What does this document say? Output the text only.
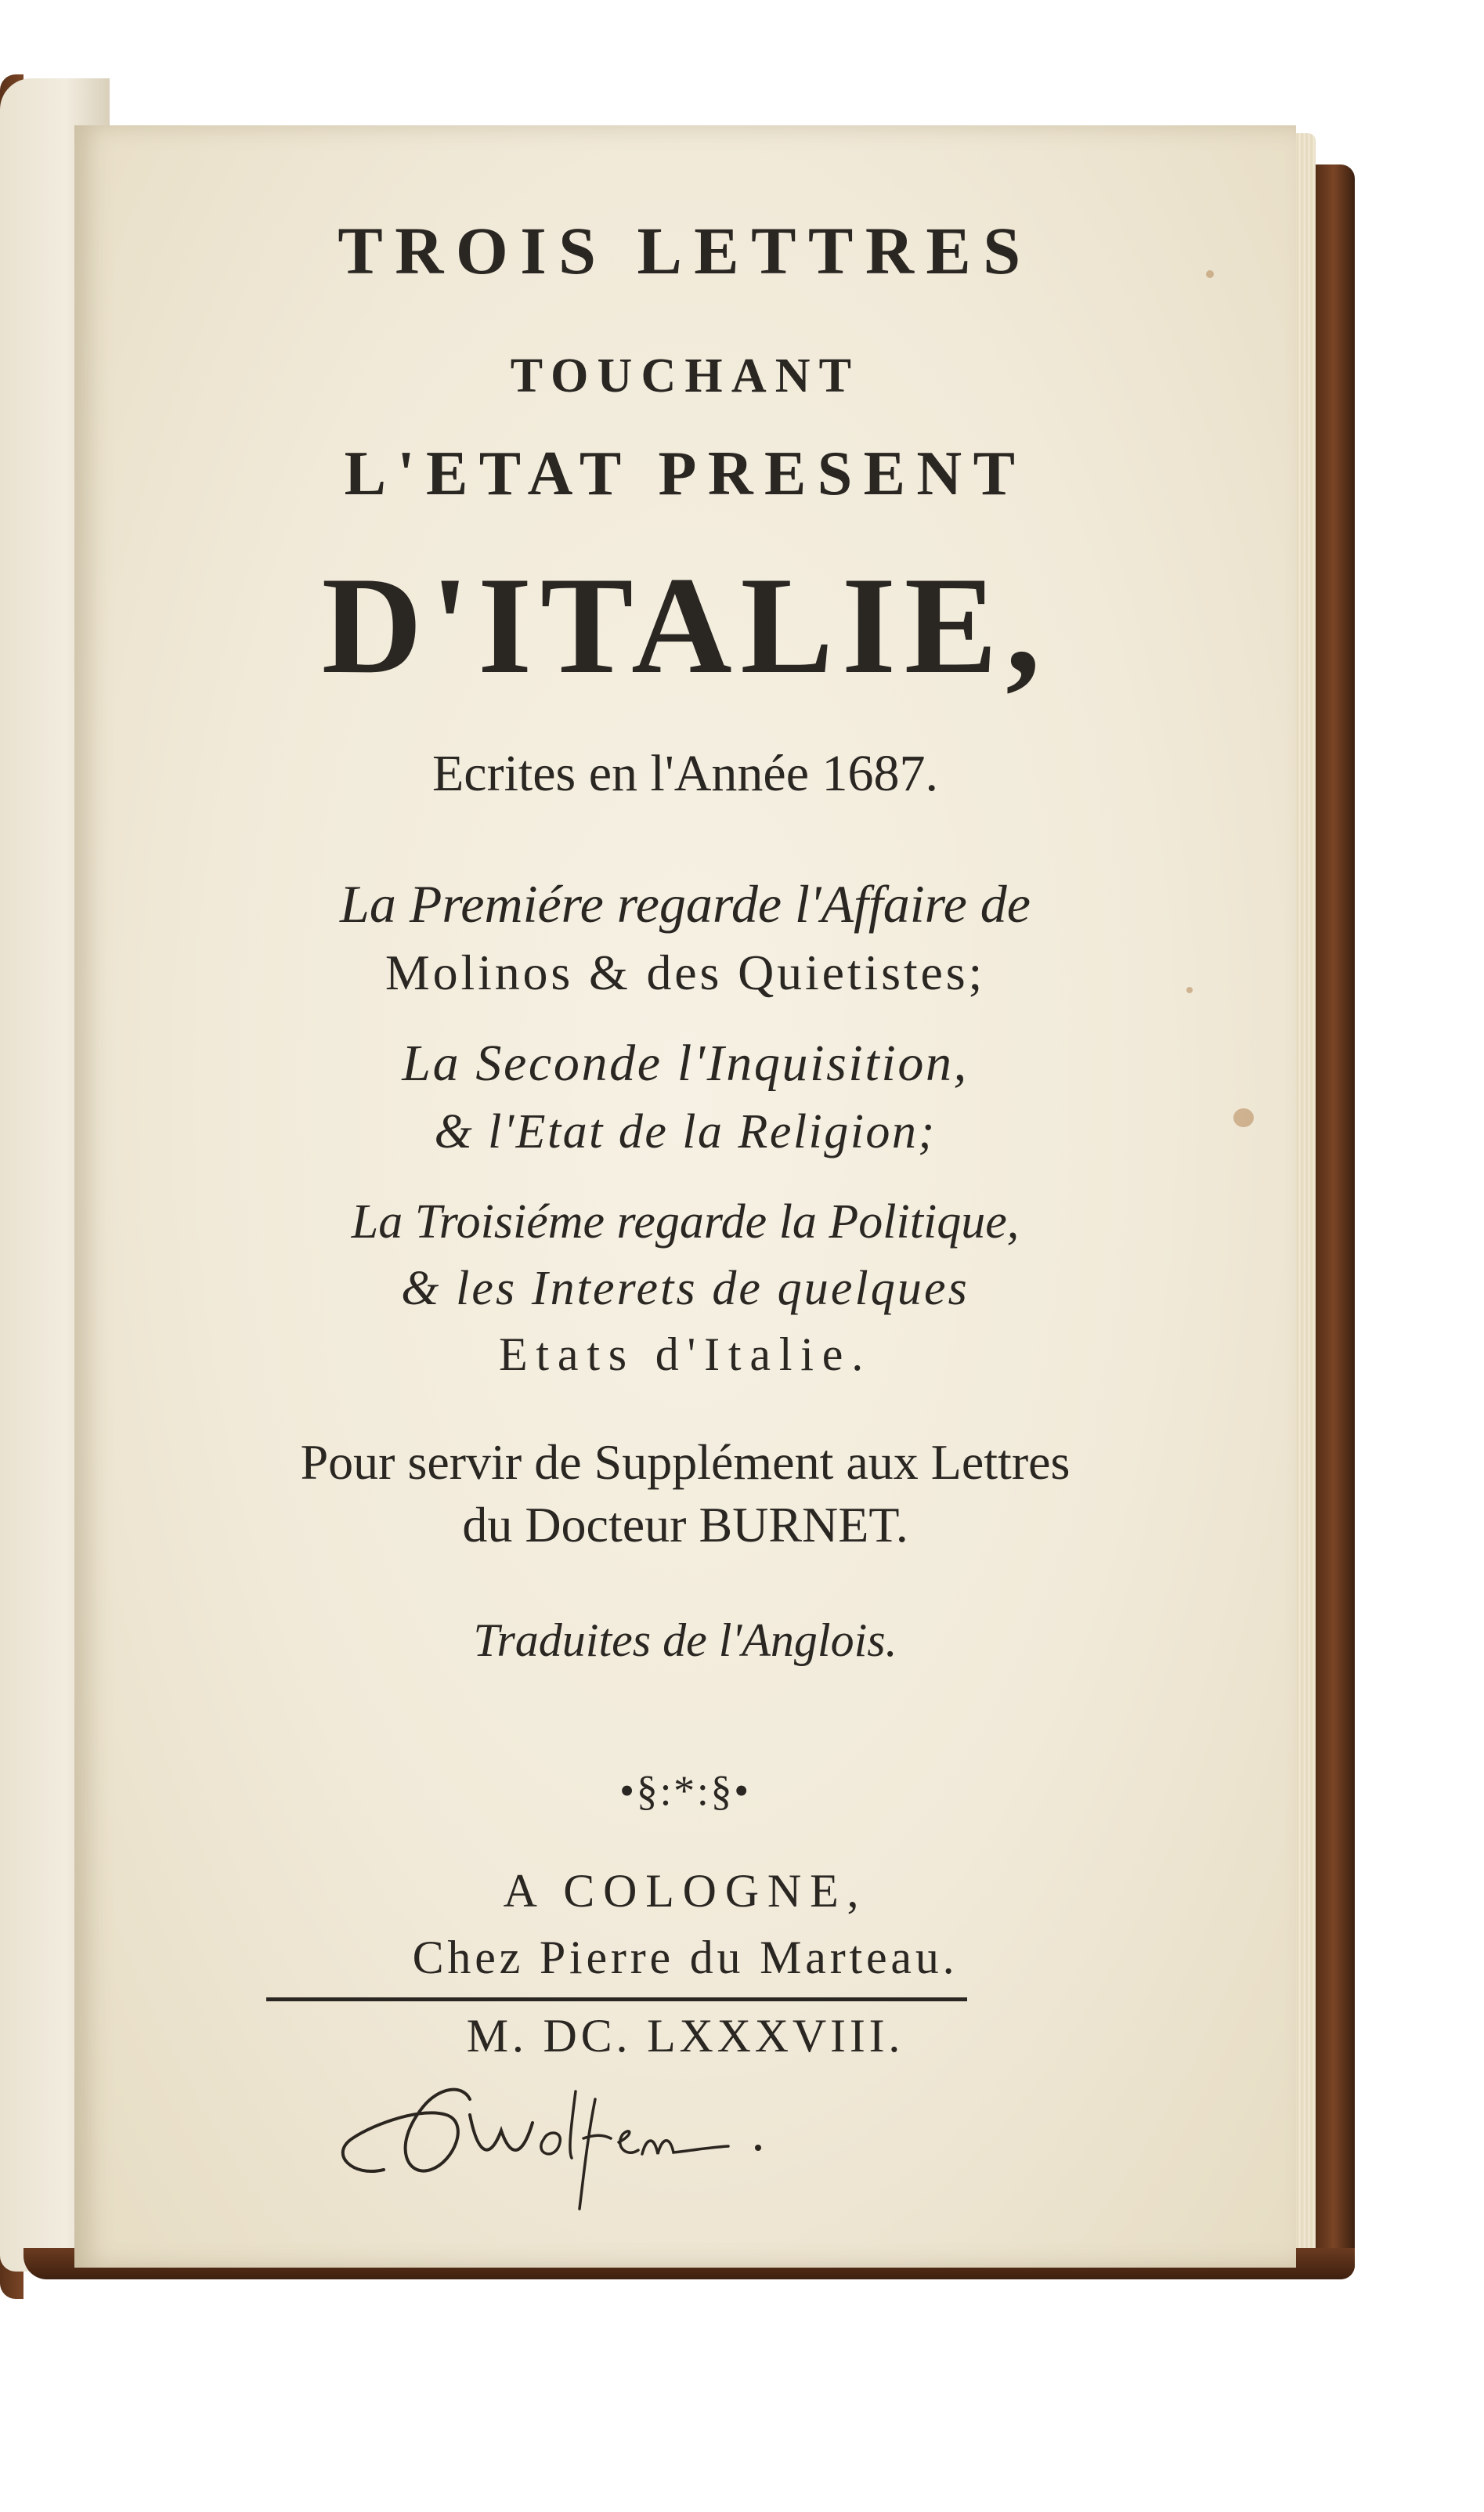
TROIS LETTRES
TOUCHANT
L'ETAT PRESENT
D'ITALIE,
Ecrites en l'Année 1687.
La Premiére regarde l'Affaire de
Molinos & des Quietistes;
La Seconde l'Inquisition,
& l'Etat de la Religion;
La Troisiéme regarde la Politique,
& les Interets de quelques
Etats d'Italie.
Pour servir de Supplément aux Lettres
du Docteur BURNET.
Traduites de l'Anglois.
•§:*:§•
A COLOGNE,
Chez Pierre du Marteau.
M. DC. LXXXVIII.
